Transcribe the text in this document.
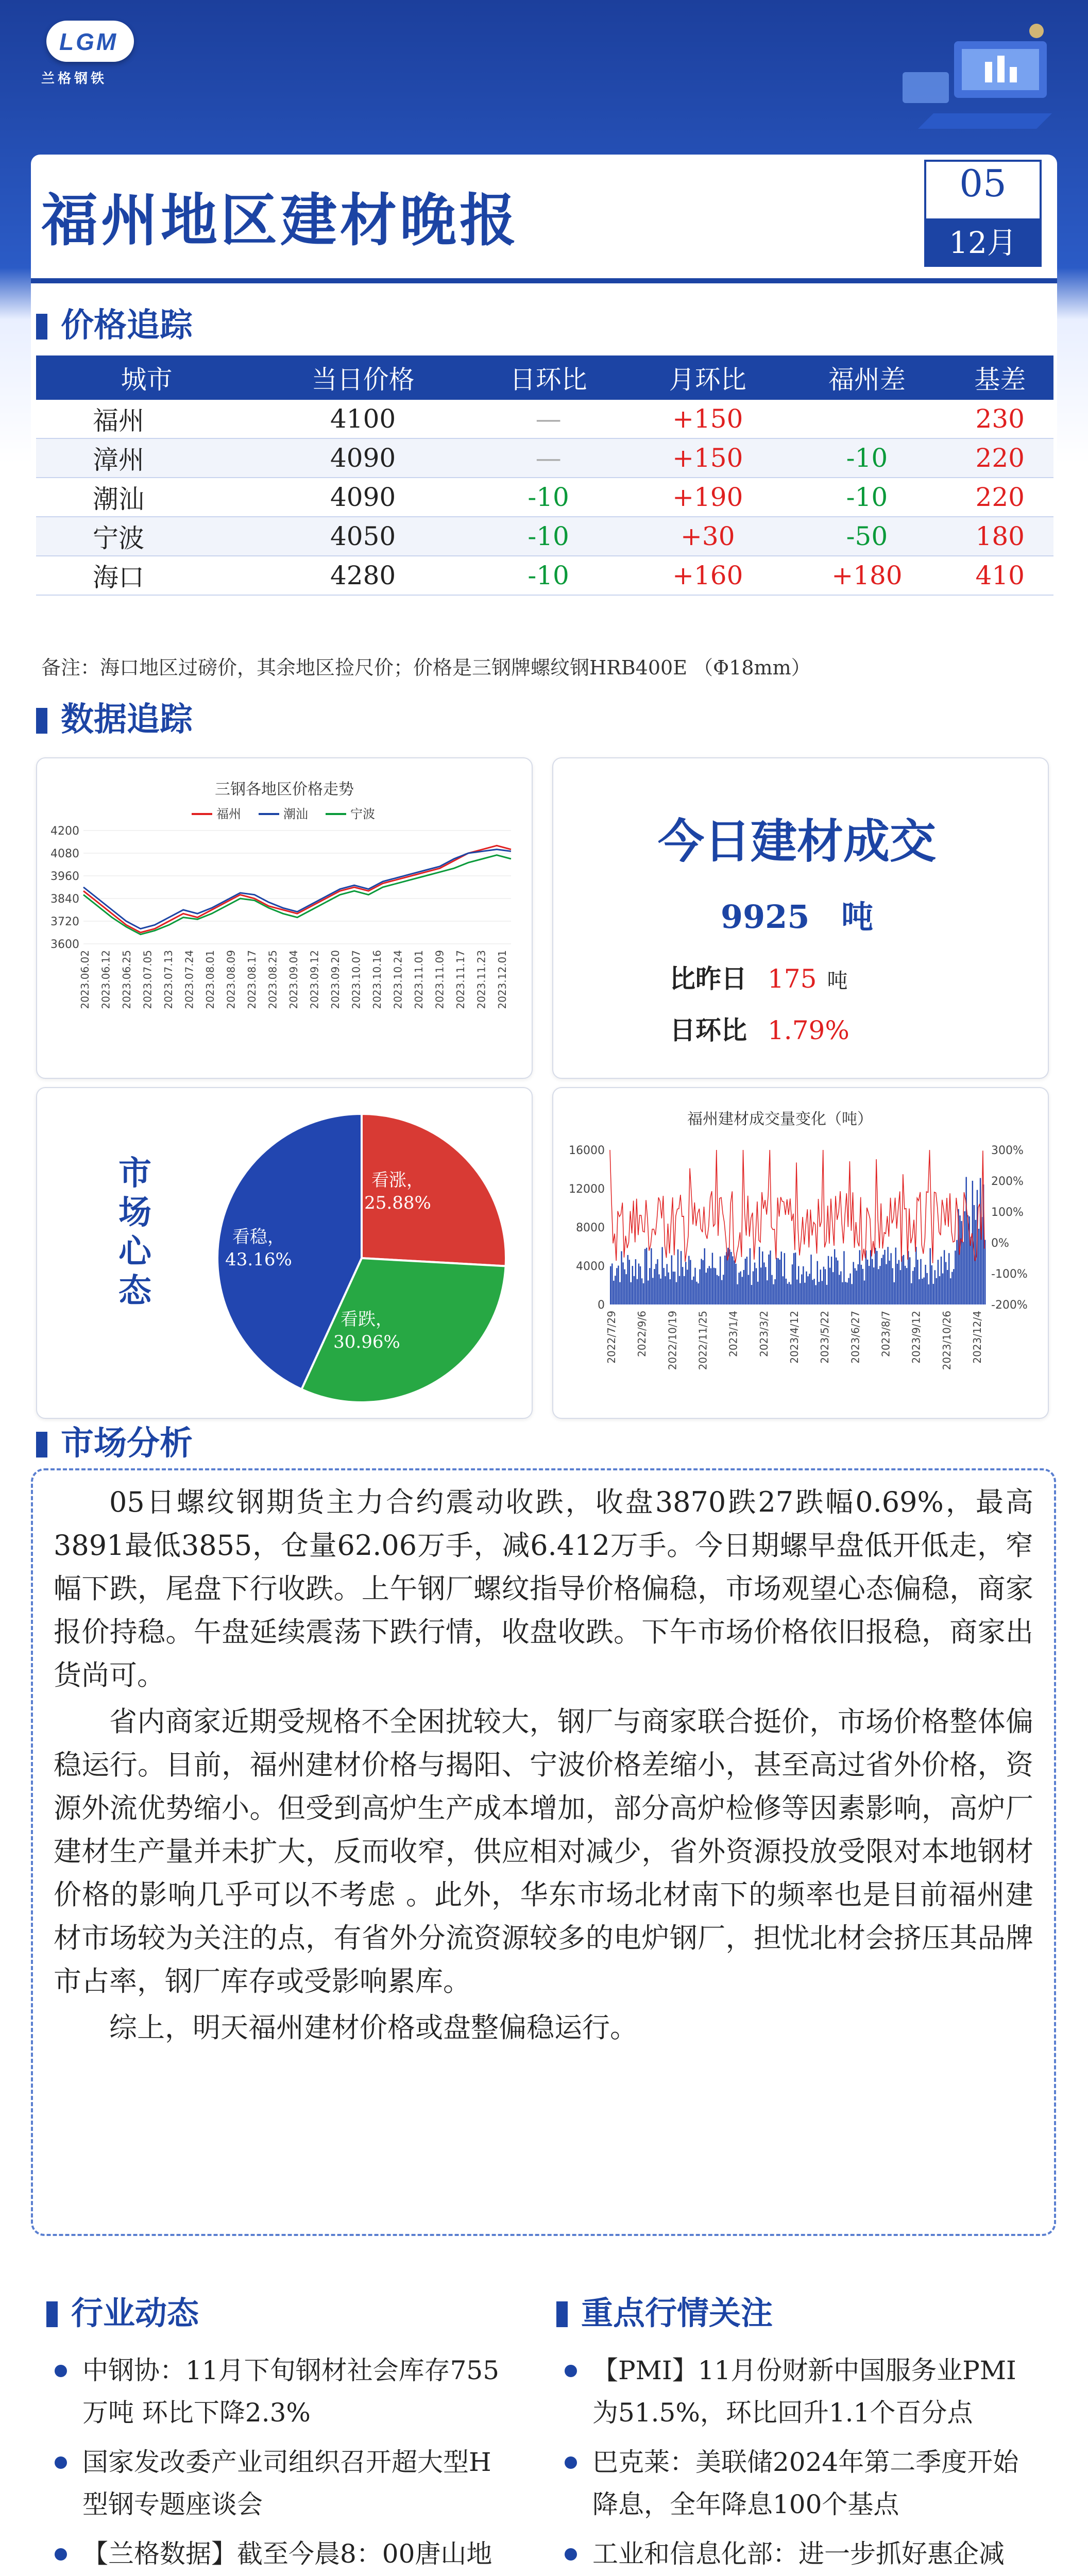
LGM
兰格钢铁
福州地区建材晚报
05
12月
价格追踪
城市	当日价格	日环比	月环比	福州差	基差
福州	4100	—	+150		230
漳州	4090	—	+150	-10	220
潮汕	4090	-10	+190	-10	220
宁波	4050	-10	+30	-50	180
海口	4280	-10	+160	+180	410
备注：海口地区过磅价，其余地区捡尺价；价格是三钢牌螺纹钢HRB400E （Φ18mm）
数据追踪
三钢各地区价格走势
福州	潮汕	宁波
4200
4080
3960
3840
3720
3600
2023.06.02 2023.06.12 2023.06.25 2023.07.05 2023.07.13 2023.07.24 2023.08.01 2023.08.09 2023.08.17 2023.08.25 2023.09.04 2023.09.12 2023.09.20 2023.10.07 2023.10.16 2023.10.24 2023.11.01 2023.11.09 2023.11.17 2023.11.23 2023.12.01
今日建材成交
9925 吨
比昨日 175 吨
日环比 1.79%
看涨， 25.88%
看跌， 30.96%
看稳， 43.16%
市场心态
福州建材成交量变化（吨）
16000
12000
8000
4000
0
300%
200%
100%
0%
-100%
-200%
2022/7/29 2022/9/6 2022/10/19 2022/11/25 2023/1/4 2023/3/2 2023/4/12 2023/5/22 2023/6/27 2023/8/7 2023/9/12 2023/10/26 2023/12/4
市场分析

05日螺纹钢期货主力合约震动收跌，收盘3870跌27跌幅0.69%，最高3891最低3855，仓量62.06万手，减6.412万手。今日期螺早盘低开低走，窄幅下跌，尾盘下行收跌。上午钢厂螺纹指导价格偏稳，市场观望心态偏稳，商家报价持稳。午盘延续震荡下跌行情，收盘收跌。下午市场价格依旧报稳，商家出货尚可。

省内商家近期受规格不全困扰较大，钢厂与商家联合挺价，市场价格整体偏稳运行。目前，福州建材价格与揭阳、宁波价格差缩小，甚至高过省外价格，资源外流优势缩小。但受到高炉生产成本增加，部分高炉检修等因素影响，高炉厂建材生产量并未扩大，反而收窄，供应相对减少，省外资源投放受限对本地钢材价格的影响几乎可以不考虑 。此外，华东市场北材南下的频率也是目前福州建材市场较为关注的点，有省外分流资源较多的电炉钢厂，担忧北材会挤压其品牌市占率，钢厂库存或受影响累库。

综上，明天福州建材价格或盘整偏稳运行。

行业动态
中钢协：11月下旬钢材社会库存755万吨 环比下降2.3%
国家发改委产业司组织召开超大型H型钢专题座谈会
【兰格数据】截至今晨8：00唐山地
重点行情关注
【PMI】11月份财新中国服务业PMI为51.5%，环比回升1.1个百分点
巴克莱：美联储2024年第二季度开始降息，全年降息100个基点
工业和信息化部：进一步抓好惠企减
